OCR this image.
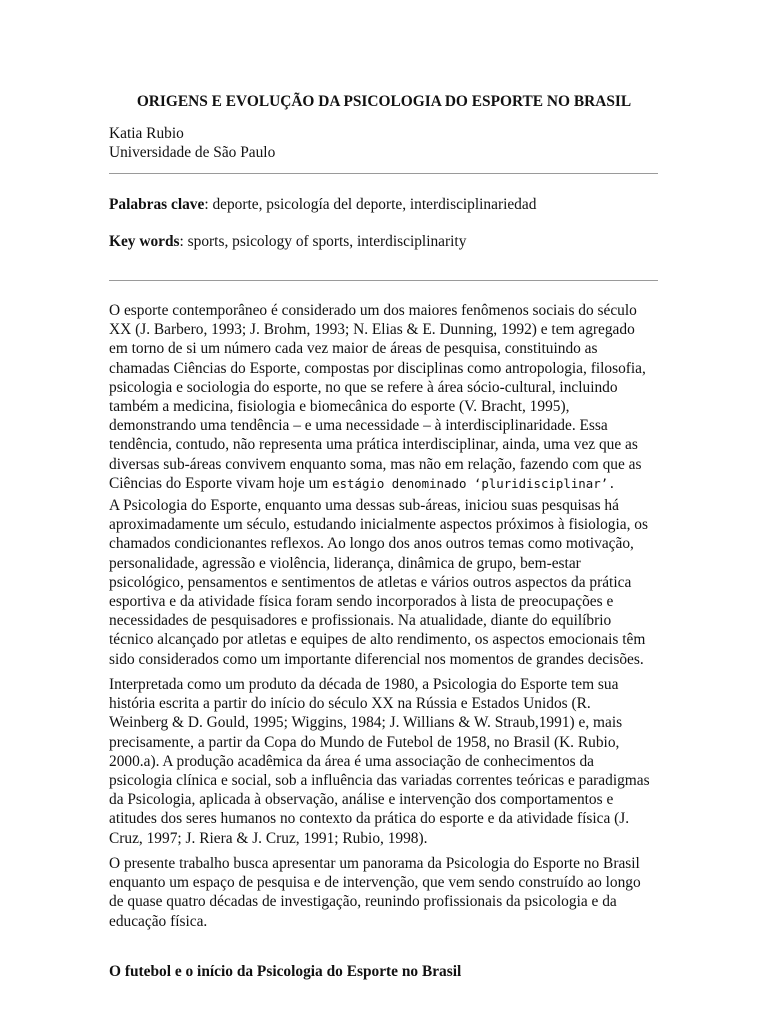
ORIGENS E EVOLUÇÃO DA PSICOLOGIA DO ESPORTE NO BRASIL
Katia Rubio
Universidade de São Paulo
Palabras clave: deporte, psicología del deporte, interdisciplinariedad
Key words: sports, psicology of sports, interdisciplinarity
O esporte contemporâneo é considerado um dos maiores fenômenos sociais do século
XX (J. Barbero, 1993; J. Brohm, 1993; N. Elias & E. Dunning, 1992) e tem agregado
em torno de si um número cada vez maior de áreas de pesquisa, constituindo as
chamadas Ciências do Esporte, compostas por disciplinas como antropologia, filosofia,
psicologia e sociologia do esporte, no que se refere à área sócio-cultural, incluindo
também a medicina, fisiologia e biomecânica do esporte (V. Bracht, 1995),
demonstrando uma tendência – e uma necessidade – à interdisciplinaridade. Essa
tendência, contudo, não representa uma prática interdisciplinar, ainda, uma vez que as
diversas sub-áreas convivem enquanto soma, mas não em relação, fazendo com que as
Ciências do Esporte vivam hoje um estágio denominado ‘pluridisciplinar’.
A Psicologia do Esporte, enquanto uma dessas sub-áreas, iniciou suas pesquisas há
aproximadamente um século, estudando inicialmente aspectos próximos à fisiologia, os
chamados condicionantes reflexos. Ao longo dos anos outros temas como motivação,
personalidade, agressão e violência, liderança, dinâmica de grupo, bem-estar
psicológico, pensamentos e sentimentos de atletas e vários outros aspectos da prática
esportiva e da atividade física foram sendo incorporados à lista de preocupações e
necessidades de pesquisadores e profissionais. Na atualidade, diante do equilíbrio
técnico alcançado por atletas e equipes de alto rendimento, os aspectos emocionais têm
sido considerados como um importante diferencial nos momentos de grandes decisões.
Interpretada como um produto da década de 1980, a Psicologia do Esporte tem sua
história escrita a partir do início do século XX na Rússia e Estados Unidos (R.
Weinberg & D. Gould, 1995; Wiggins, 1984; J. Willians & W. Straub,1991) e, mais
precisamente, a partir da Copa do Mundo de Futebol de 1958, no Brasil (K. Rubio,
2000.a). A produção acadêmica da área é uma associação de conhecimentos da
psicologia clínica e social, sob a influência das variadas correntes teóricas e paradigmas
da Psicologia, aplicada à observação, análise e intervenção dos comportamentos e
atitudes dos seres humanos no contexto da prática do esporte e da atividade física (J.
Cruz, 1997; J. Riera & J. Cruz, 1991; Rubio, 1998).
O presente trabalho busca apresentar um panorama da Psicologia do Esporte no Brasil
enquanto um espaço de pesquisa e de intervenção, que vem sendo construído ao longo
de quase quatro décadas de investigação, reunindo profissionais da psicologia e da
educação física.
O futebol e o início da Psicologia do Esporte no Brasil
